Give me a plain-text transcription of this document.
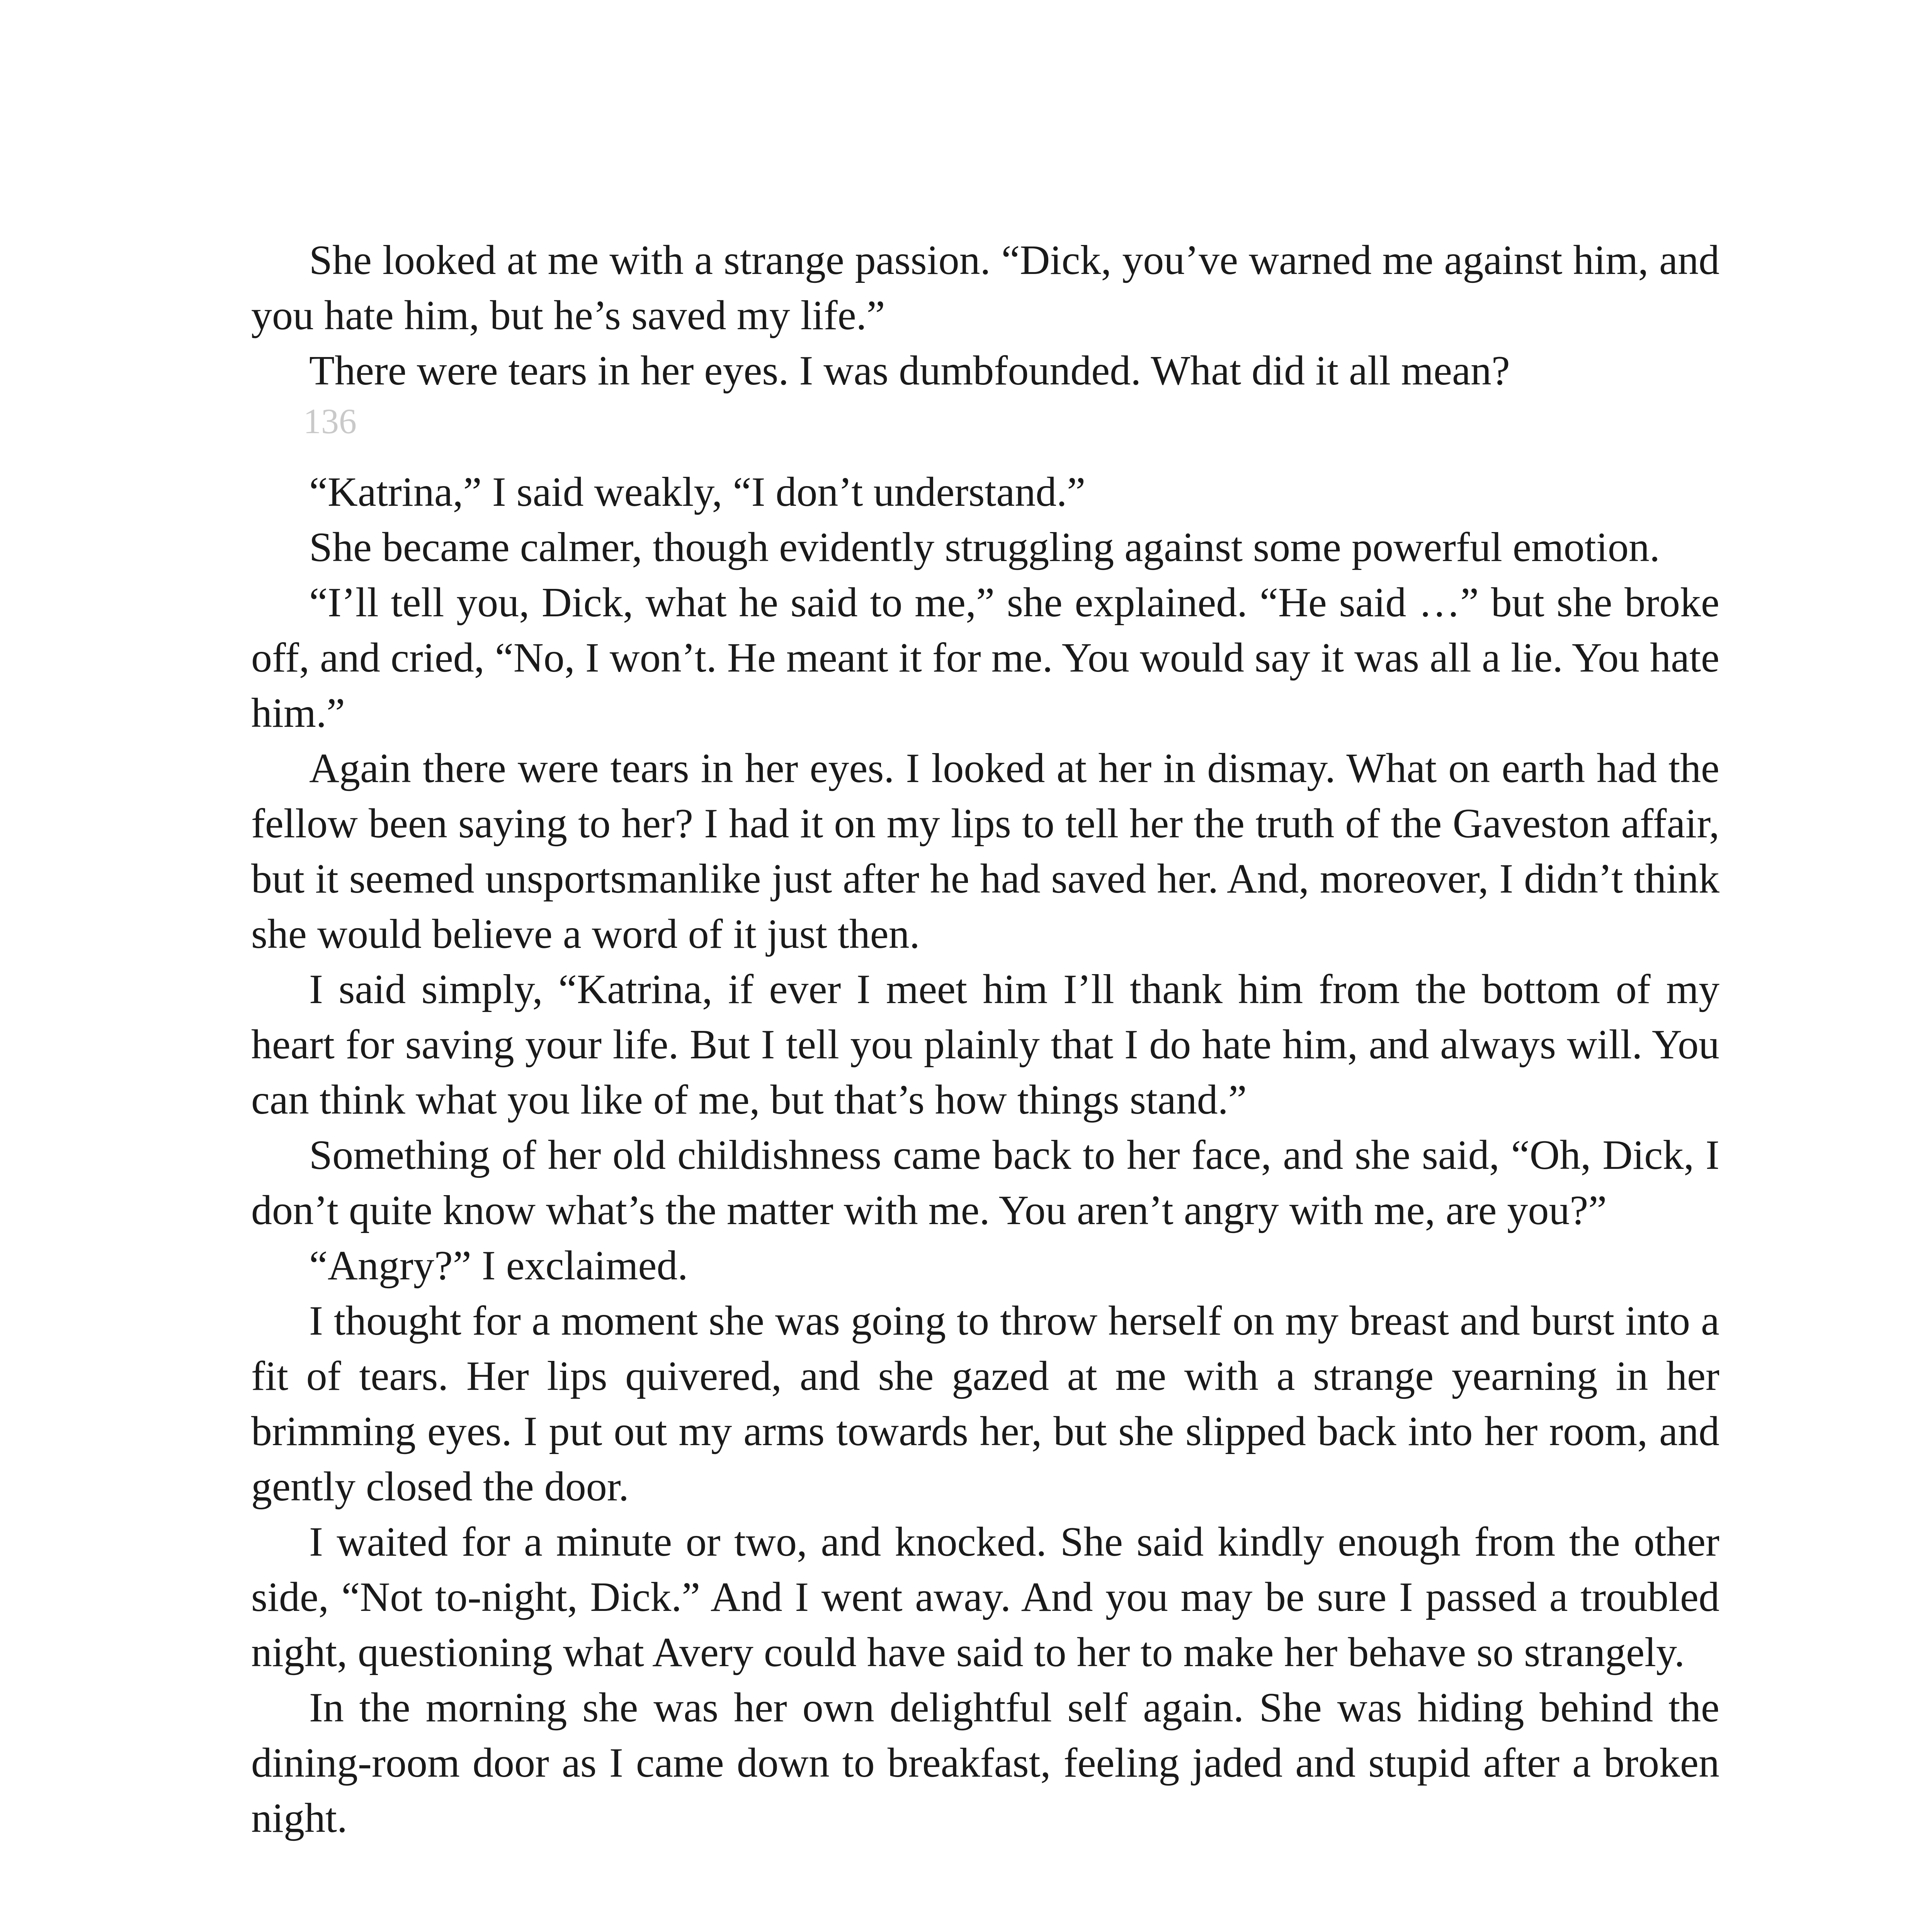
She looked at me with a strange passion. “Dick, you’ve warned me against him, and you hate him, but he’s saved my life.”

There were tears in her eyes. I was dumbfounded. What did it all mean?

136

“Katrina,” I said weakly, “I don’t understand.”

She became calmer, though evidently struggling against some powerful emotion.

“I’ll tell you, Dick, what he said to me,” she explained. “He said …” but she broke off, and cried, “No, I won’t. He meant it for me. You would say it was all a lie. You hate him.”

Again there were tears in her eyes. I looked at her in dismay. What on earth had the fellow been saying to her? I had it on my lips to tell her the truth of the Gaveston affair, but it seemed unsportsmanlike just after he had saved her. And, moreover, I didn’t think she would believe a word of it just then.

I said simply, “Katrina, if ever I meet him I’ll thank him from the bottom of my heart for saving your life. But I tell you plainly that I do hate him, and always will. You can think what you like of me, but that’s how things stand.”

Something of her old childishness came back to her face, and she said, “Oh, Dick, I don’t quite know what’s the matter with me. You aren’t angry with me, are you?”

“Angry?” I exclaimed.

I thought for a moment she was going to throw herself on my breast and burst into a fit of tears. Her lips quivered, and she gazed at me with a strange yearning in her brimming eyes. I put out my arms towards her, but she slipped back into her room, and gently closed the door.

I waited for a minute or two, and knocked. She said kindly enough from the other side, “Not to-night, Dick.” And I went away. And you may be sure I passed a troubled night, questioning what Avery could have said to her to make her behave so strangely.

In the morning she was her own delightful self again. She was hiding behind the dining-room door as I came down to breakfast, feeling jaded and stupid after a broken night.
